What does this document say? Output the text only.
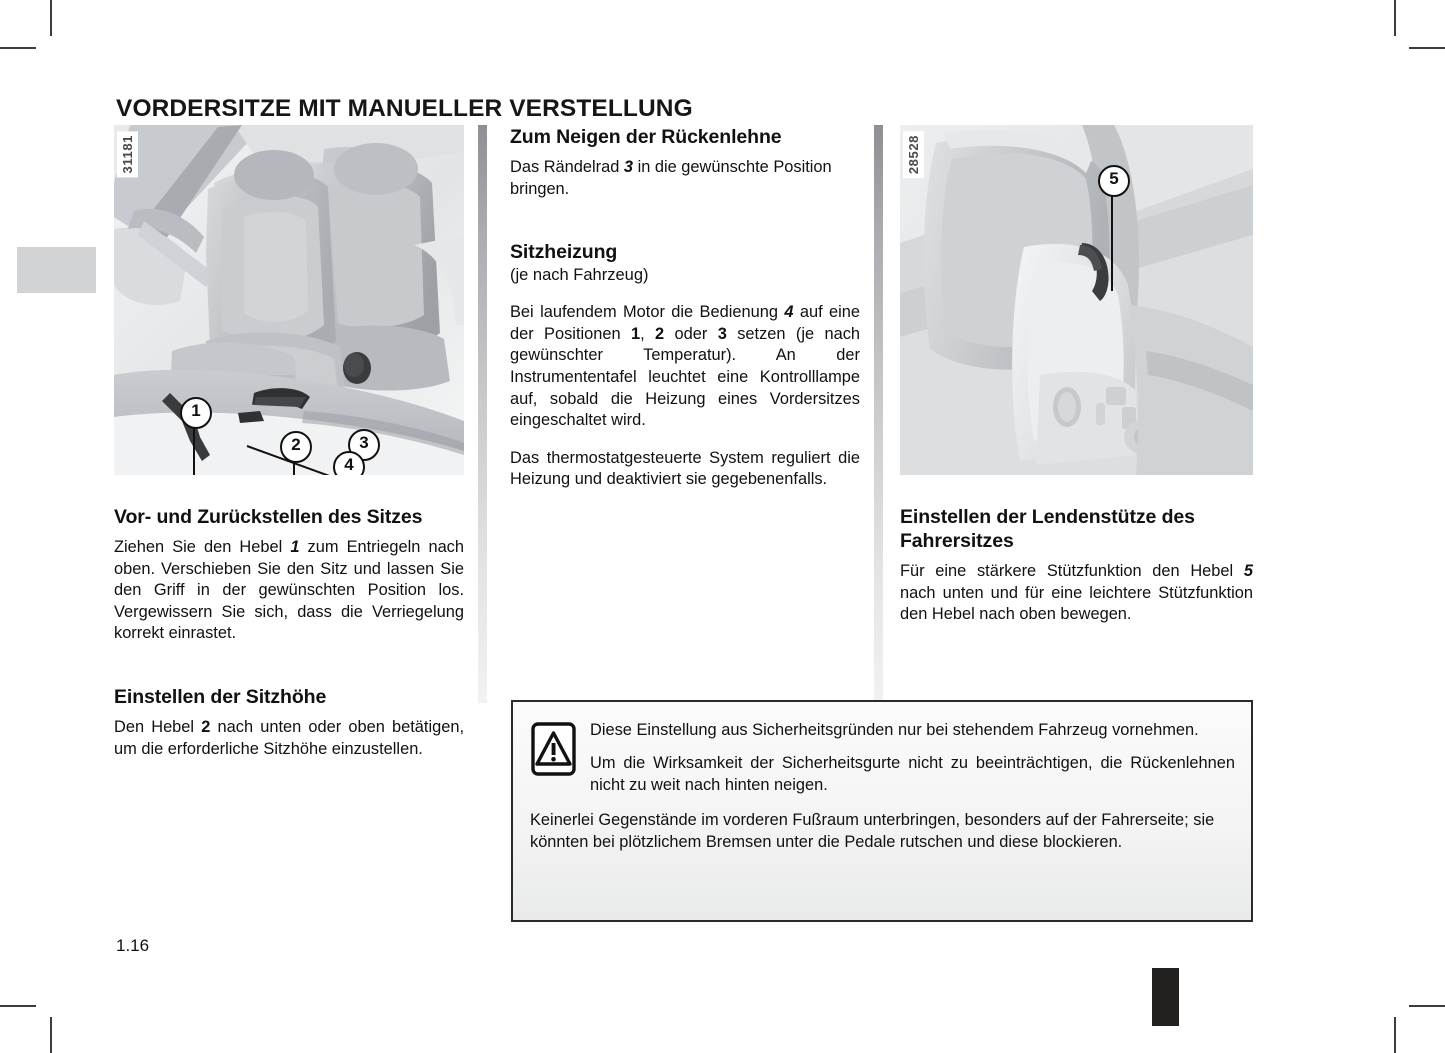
VORDERSITZE MIT MANUELLER VERSTELLUNG
31181
1
2	3
4
Vor- und Zurückstellen des Sitzes

Ziehen Sie den Hebel 1 zum Entriegeln nach oben. Verschieben Sie den Sitz und lassen Sie den Griff in der gewünschten Position los. Vergewissern Sie sich, dass die Verriegelung korrekt einrastet.

Einstellen der Sitzhöhe

Den Hebel 2 nach unten oder oben betätigen, um die erforderliche Sitzhöhe einzustellen.

Zum Neigen der Rückenlehne

Das Rändelrad 3 in die gewünschte Position bringen.

Sitzheizung
(je nach Fahrzeug)

Bei laufendem Motor die Bedienung 4 auf eine der Positionen 1, 2 oder 3 setzen (je nach gewünschter Temperatur). An der Instrumententafel leuchtet eine Kontrolllampe auf, sobald die Heizung eines Vordersitzes eingeschaltet wird.

Das thermostatgesteuerte System reguliert die Heizung und deaktiviert sie gegebenenfalls.

28528
5
Einstellen der Lendenstütze des Fahrersitzes

Für eine stärkere Stützfunktion den Hebel 5 nach unten und für eine leichtere Stützfunktion den Hebel nach oben bewegen.

Diese Einstellung aus Sicherheitsgründen nur bei stehendem Fahrzeug vornehmen.

Um die Wirksamkeit der Sicherheitsgurte nicht zu beeinträchtigen, die Rückenlehnen nicht zu weit nach hinten neigen.

Keinerlei Gegenstände im vorderen Fußraum unterbringen, besonders auf der Fahrerseite; sie könnten bei plötzlichem Bremsen unter die Pedale rutschen und diese blockieren.

1.16
